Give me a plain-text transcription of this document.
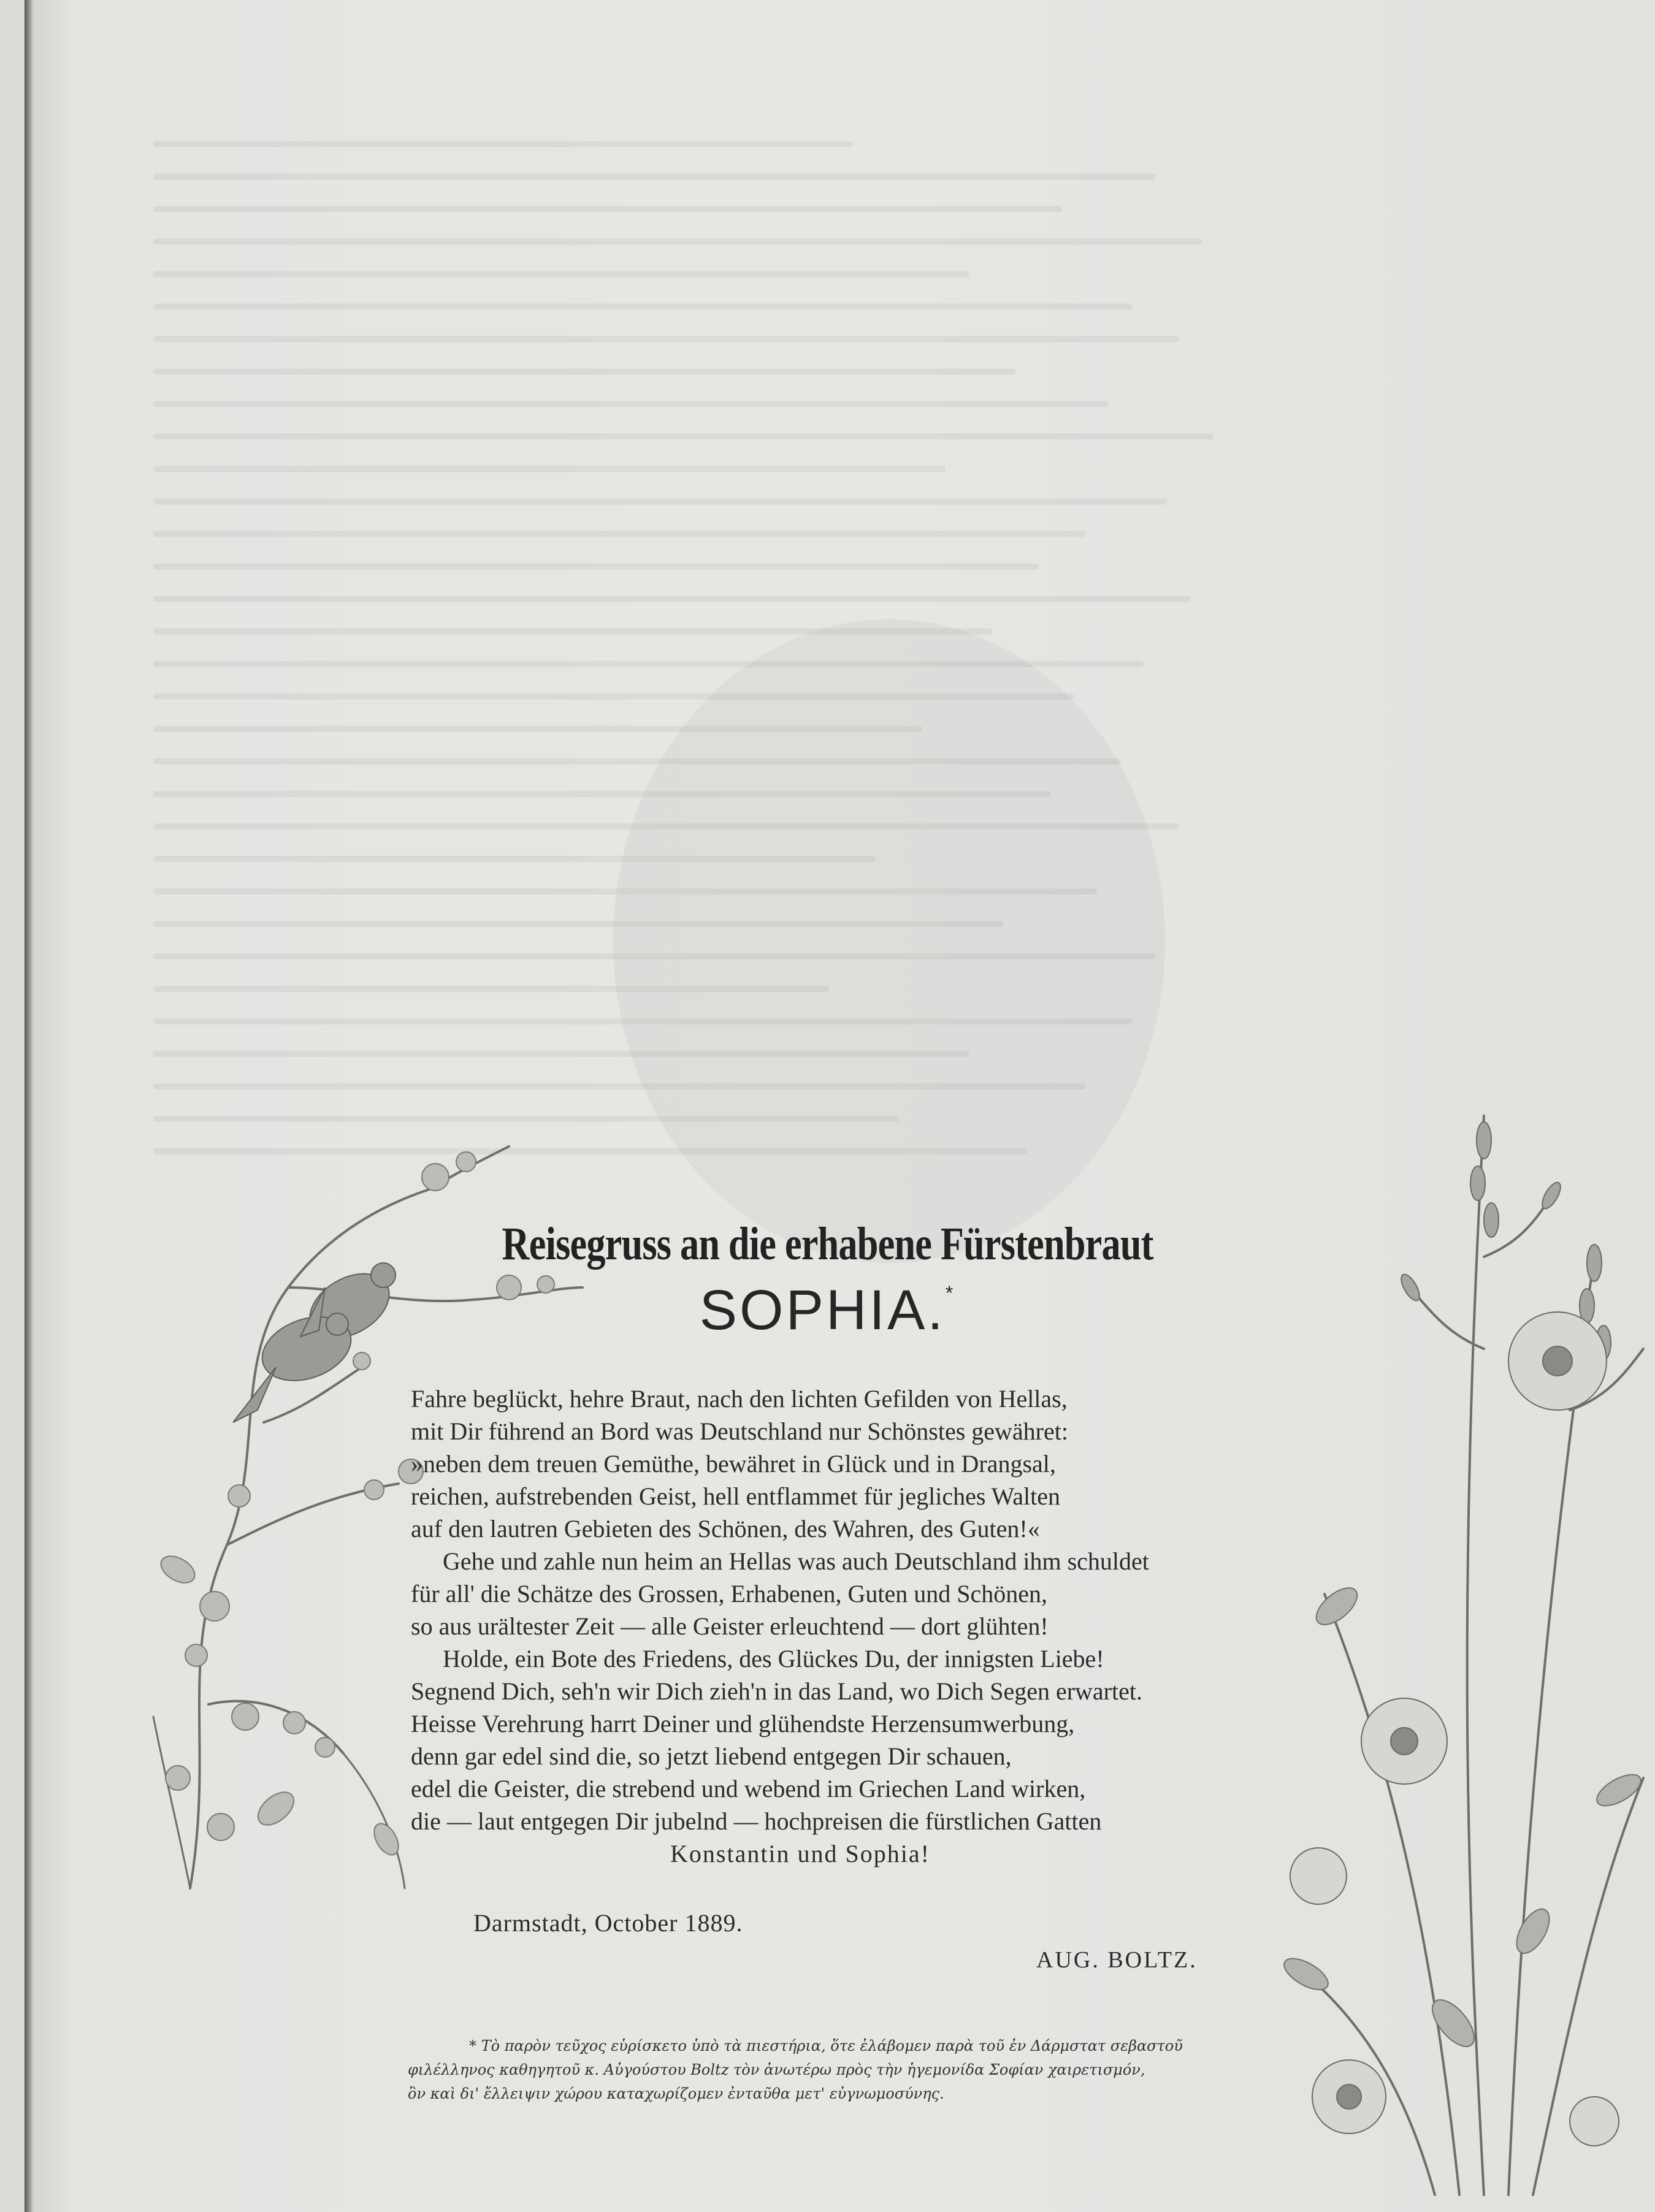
Reisegruss an die erhabene Fürstenbraut
SOPHIA.*
Fahre beglückt, hehre Braut, nach den lichten Gefilden von Hellas,
mit Dir führend an Bord was Deutschland nur Schönstes gewähret:
»neben dem treuen Gemüthe, bewähret in Glück und in Drangsal,
reichen, aufstrebenden Geist, hell entflammet für jegliches Walten
auf den lautren Gebieten des Schönen, des Wahren, des Guten!«
Gehe und zahle nun heim an Hellas was auch Deutschland ihm schuldet
für all' die Schätze des Grossen, Erhabenen, Guten und Schönen,
so aus urältester Zeit — alle Geister erleuchtend — dort glühten!
Holde, ein Bote des Friedens, des Glückes Du, der innigsten Liebe!
Segnend Dich, seh'n wir Dich zieh'n in das Land, wo Dich Segen erwartet.
Heisse Verehrung harrt Deiner und glühendste Herzensumwerbung,
denn gar edel sind die, so jetzt liebend entgegen Dir schauen,
edel die Geister, die strebend und webend im Griechen Land wirken,
die — laut entgegen Dir jubelnd — hochpreisen die fürstlichen Gatten
Konstantin und Sophia!
Darmstadt, October 1889.
AUG. BOLTZ.
* Τὸ παρὸν τεῦχος εὑρίσκετο ὑπὸ τὰ πιεστήρια, ὅτε ἐλάβομεν παρὰ τοῦ ἐν Δάρμστατ σεβαστοῦ
φιλέλληνος καθηγητοῦ κ. Αὐγούστου Boltz τὸν ἀνωτέρω πρὸς τὴν ἡγεμονίδα Σοφίαν χαιρετισμόν,
ὃν καὶ δι' ἔλλειψιν χώρου καταχωρίζομεν ἐνταῦθα μετ' εὐγνωμοσύνης.
